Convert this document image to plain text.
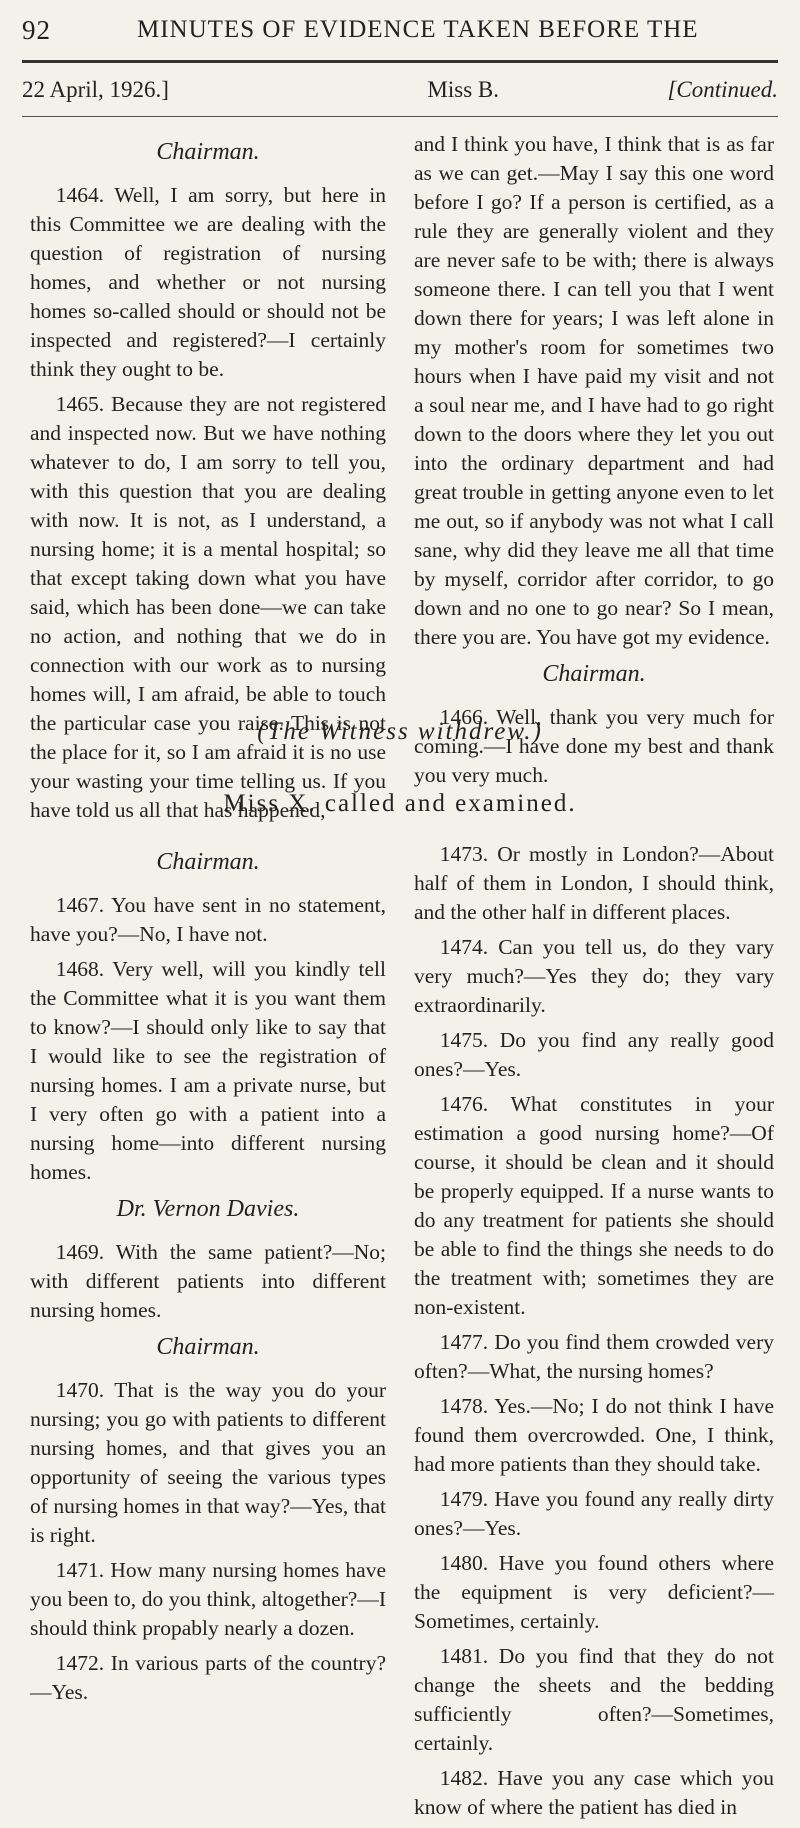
92	MINUTES OF EVIDENCE TAKEN BEFORE THE
22 April, 1926.]	Miss B.	[Continued.
Chairman.

1464. Well, I am sorry, but here in this Committee we are dealing with the question of registration of nursing homes, and whether or not nursing homes so-called should or should not be inspected and registered?—I certainly think they ought to be.

1465. Because they are not registered and inspected now. But we have nothing whatever to do, I am sorry to tell you, with this question that you are dealing with now. It is not, as I understand, a nursing home; it is a mental hospital; so that except taking down what you have said, which has been done—we can take no action, and nothing that we do in connection with our work as to nursing homes will, I am afraid, be able to touch the particular case you raise. This is not the place for it, so I am afraid it is no use your wasting your time telling us. If you have told us all that has happened,

and I think you have, I think that is as far as we can get.—May I say this one word before I go? If a person is certified, as a rule they are generally violent and they are never safe to be with; there is always someone there. I can tell you that I went down there for years; I was left alone in my mother's room for sometimes two hours when I have paid my visit and not a soul near me, and I have had to go right down to the doors where they let you out into the ordinary department and had great trouble in getting anyone even to let me out, so if anybody was not what I call sane, why did they leave me all that time by myself, corridor after corridor, to go down and no one to go near? So I mean, there you are. You have got my evidence.

Chairman.

1466. Well, thank you very much for coming.—I have done my best and thank you very much.

(The Witness withdrew.)
Miss X. called and examined.
Chairman.

1467. You have sent in no statement, have you?—No, I have not.

1468. Very well, will you kindly tell the Committee what it is you want them to know?—I should only like to say that I would like to see the registration of nursing homes. I am a private nurse, but I very often go with a patient into a nursing home—into different nursing homes.

Dr. Vernon Davies.

1469. With the same patient?—No; with different patients into different nursing homes.

Chairman.

1470. That is the way you do your nursing; you go with patients to different nursing homes, and that gives you an opportunity of seeing the various types of nursing homes in that way?—Yes, that is right.

1471. How many nursing homes have you been to, do you think, altogether?—I should think propably nearly a dozen.

1472. In various parts of the country?—Yes.

1473. Or mostly in London?—About half of them in London, I should think, and the other half in different places.

1474. Can you tell us, do they vary very much?—Yes they do; they vary extraordinarily.

1475. Do you find any really good ones?—Yes.

1476. What constitutes in your estimation a good nursing home?—Of course, it should be clean and it should be properly equipped. If a nurse wants to do any treatment for patients she should be able to find the things she needs to do the treatment with; sometimes they are non-existent.

1477. Do you find them crowded very often?—What, the nursing homes?

1478. Yes.—No; I do not think I have found them overcrowded. One, I think, had more patients than they should take.

1479. Have you found any really dirty ones?—Yes.

1480. Have you found others where the equipment is very deficient?—Sometimes, certainly.

1481. Do you find that they do not change the sheets and the bedding sufficiently often?—Sometimes, certainly.

1482. Have you any case which you know of where the patient has died in
